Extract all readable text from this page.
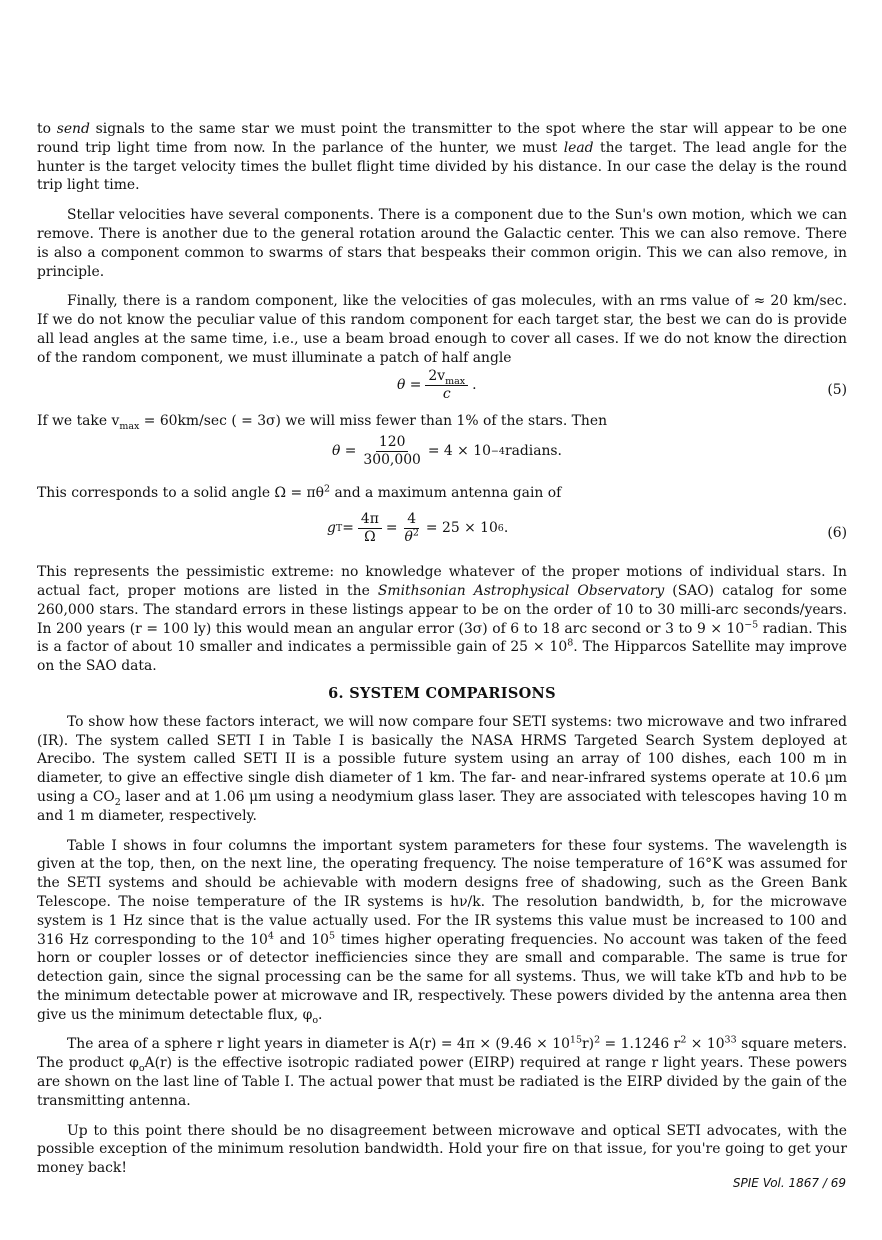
to send signals to the same star we must point the transmitter to the spot where the star will appear to be one round trip light time from now. In the parlance of the hunter, we must lead the target. The lead angle for the hunter is the target velocity times the bullet flight time divided by his distance. In our case the delay is the round trip light time.

Stellar velocities have several components. There is a component due to the Sun's own motion, which we can remove. There is another due to the general rotation around the Galactic center. This we can also remove. There is also a component common to swarms of stars that bespeaks their common origin. This we can also remove, in principle.

Finally, there is a random component, like the velocities of gas molecules, with an rms value of ≈ 20 km/sec. If we do not know the peculiar value of this random component for each target star, the best we can do is provide all lead angles at the same time, i.e., use a beam broad enough to cover all cases. If we do not know the direction of the random component, we must illuminate a patch of half angle

$\theta = \frac{2v_{max}}{c}$ .	(5)

If we take $v_{max} = 60km/\sec$ ( = 3σ) we will miss fewer than 1% of the stars. Then

$\theta = \frac{120}{300,000} = 4 \times 10 -4$ radians.

This corresponds to a solid angle $\Omega = \pi\theta^2$ and a maximum antenna gain of

g $T = \frac{4\pi}{\Omega} = \frac{4}{\theta^2} = 25 \times 10$ 6 .	(6)

This represents the pessimistic extreme: no knowledge whatever of the proper motions of individual stars. In actual fact, proper motions are listed in the Smithsonian Astrophysical Observatory (SAO) catalog for some 260,000 stars. The standard errors in these listings appear to be on the order of 10 to 30 milli-arc seconds/years. In 200 years (r = 100 ly) this would mean an angular error (3σ) of 6 to 18 arc second or 3 to $9 \times 10^{-5}$ radian. This is a factor of about 10 smaller and indicates a permissible gain of $25 \times 10^8$. The Hipparcos Satellite may improve on the SAO data.

6. SYSTEM COMPARISONS

To show how these factors interact, we will now compare four SETI systems: two microwave and two infrared (IR). The system called SETI I in Table I is basically the NASA HRMS Targeted Search System deployed at Arecibo. The system called SETI II is a possible future system using an array of 100 dishes, each 100 m in diameter, to give an effective single dish diameter of 1 km. The far- and near-infrared systems operate at 10.6 μm using a $CO_2$ laser and at 1.06 μm using a neodymium glass laser. They are associated with telescopes having 10 m and 1 m diameter, respectively.

Table I shows in four columns the important system parameters for these four systems. The wavelength is given at the top, then, on the next line, the operating frequency. The noise temperature of 16°K was assumed for the SETI systems and should be achievable with modern designs free of shadowing, such as the Green Bank Telescope. The noise temperature of the IR systems is hν/k. The resolution bandwidth, b, for the microwave system is 1 Hz since that is the value actually used. For the IR systems this value must be increased to 100 and 316 Hz corresponding to the $10^4$ and $10^5$ times higher operating frequencies. No account was taken of the feed horn or coupler losses or of detector inefficiencies since they are small and comparable. The same is true for detection gain, since the signal processing can be the same for all systems. Thus, we will take kTb and hνb to be the minimum detectable power at microwave and IR, respectively. These powers divided by the antenna area then give us the minimum detectable flux, $\varphi_o$.

The area of a sphere r light years in diameter is $A(r) = 4\pi \times (9.46 \times 10^{15}r)^2 = 1.1246$ $r^2 \times 10^{33}$ square meters. The product $\varphi_oA(r)$ is the effective isotropic radiated power (EIRP) required at range r light years. These powers are shown on the last line of Table I. The actual power that must be radiated is the EIRP divided by the gain of the transmitting antenna.

Up to this point there should be no disagreement between microwave and optical SETI advocates, with the possible exception of the minimum resolution bandwidth. Hold your fire on that issue, for you're going to get your money back!

SPIE Vol. 1867 / 69
